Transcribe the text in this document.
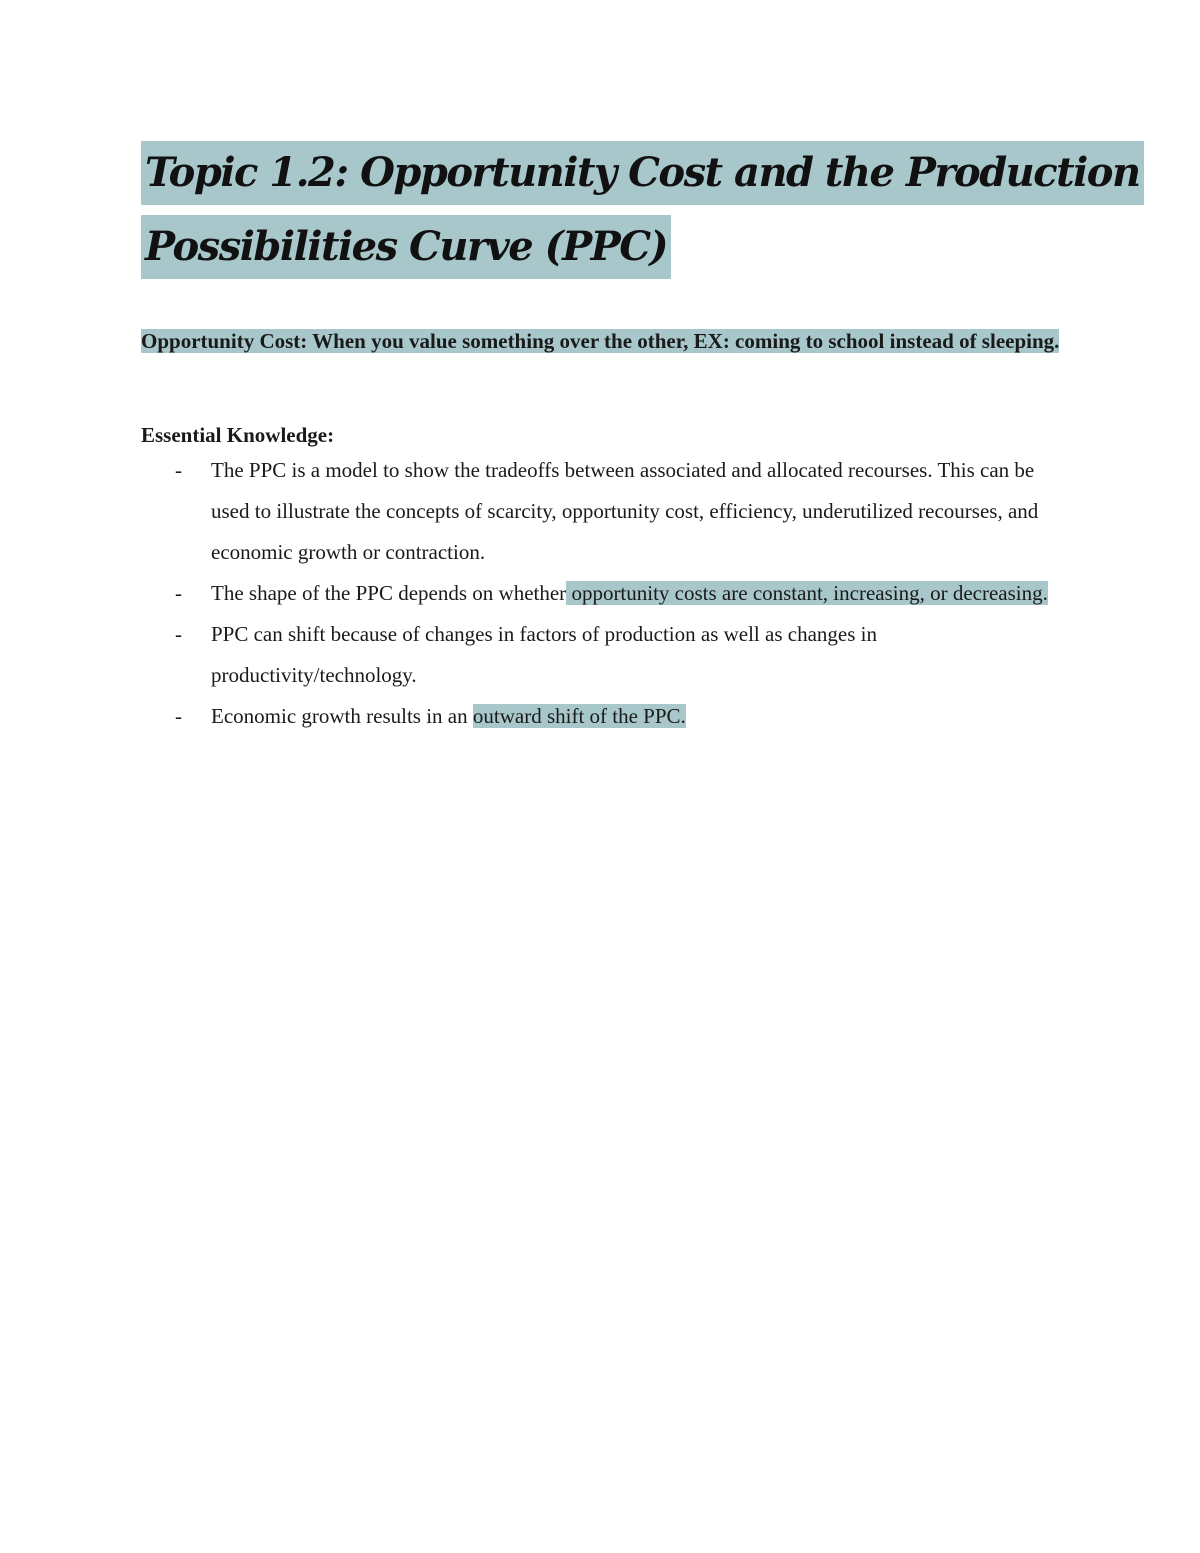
Topic 1.2: Opportunity Cost and the Production
Possibilities Curve (PPC)
Opportunity Cost: When you value something over the other, EX: coming to school instead of sleeping.
Essential Knowledge:
- The PPC is a model to show the tradeoffs between associated and allocated recourses. This can be used to illustrate the concepts of scarcity, opportunity cost, efficiency, underutilized recourses, and economic growth or contraction.
- The shape of the PPC depends on whether opportunity costs are constant, increasing, or decreasing.
- PPC can shift because of changes in factors of production as well as changes in productivity/technology.
- Economic growth results in an outward shift of the PPC.
